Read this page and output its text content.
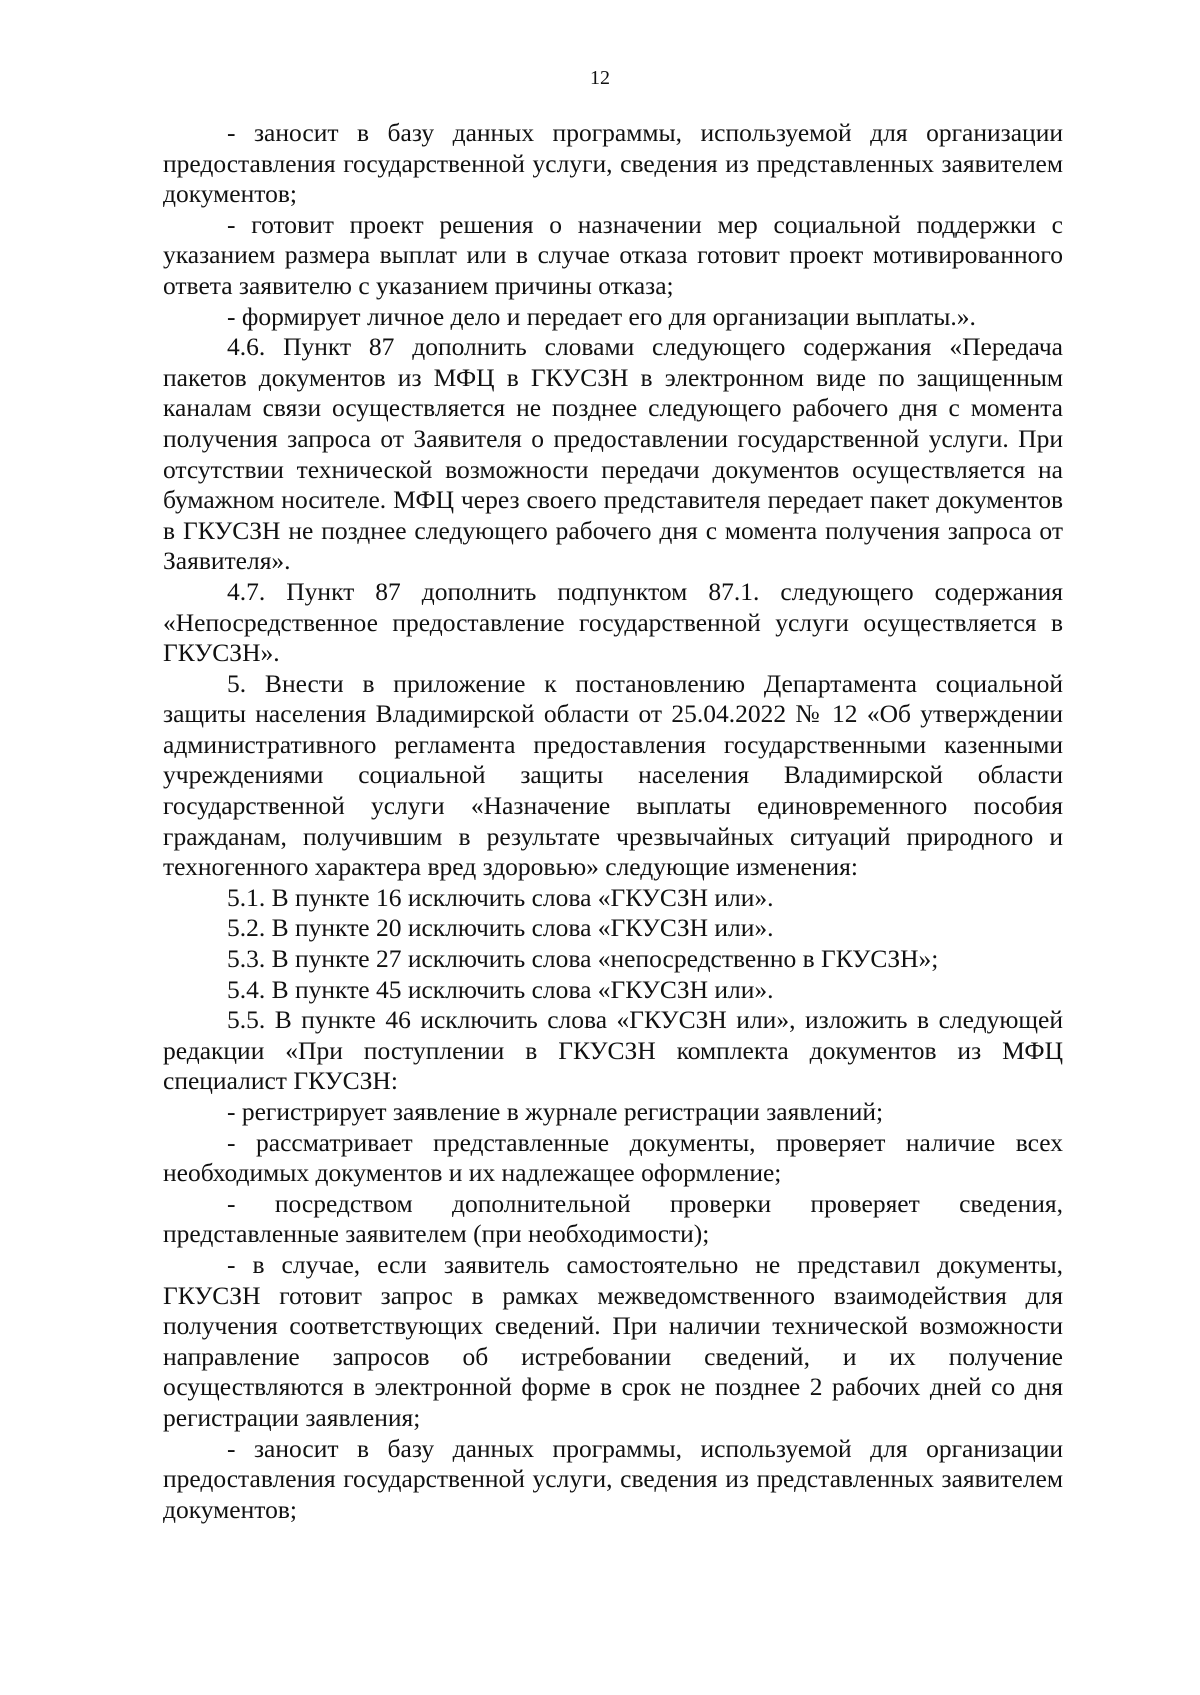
12

- заносит в базу данных программы, используемой для организации предоставления государственной услуги, сведения из представленных заявителем документов;

- готовит проект решения о назначении мер социальной поддержки с указанием размера выплат или в случае отказа готовит проект мотивированного ответа заявителю с указанием причины отказа;

- формирует личное дело и передает его для организации выплаты.».

4.6. Пункт 87 дополнить словами следующего содержания «Передача пакетов документов из МФЦ в ГКУСЗН в электронном виде по защищенным каналам связи осуществляется не позднее следующего рабочего дня с момента получения запроса от Заявителя о предоставлении государственной услуги. При отсутствии технической возможности передачи документов осуществляется на бумажном носителе. МФЦ через своего представителя передает пакет документов в ГКУСЗН не позднее следующего рабочего дня с момента получения запроса от Заявителя».

4.7. Пункт 87 дополнить подпунктом 87.1. следующего содержания «Непосредственное предоставление государственной услуги осуществляется в ГКУСЗН».

5. Внести в приложение к постановлению Департамента социальной защиты населения Владимирской области от 25.04.2022 № 12 «Об утверждении административного регламента предоставления государственными казенными учреждениями социальной защиты населения Владимирской области государственной услуги «Назначение выплаты единовременного пособия гражданам, получившим в результате чрезвычайных ситуаций природного и техногенного характера вред здоровью» следующие изменения:

5.1. В пункте 16 исключить слова «ГКУСЗН или».

5.2. В пункте 20 исключить слова «ГКУСЗН или».

5.3. В пункте 27 исключить слова «непосредственно в ГКУСЗН»;

5.4. В пункте 45 исключить слова «ГКУСЗН или».

5.5. В пункте 46 исключить слова «ГКУСЗН или», изложить в следующей редакции «При поступлении в ГКУСЗН комплекта документов из МФЦ специалист ГКУСЗН:

- регистрирует заявление в журнале регистрации заявлений;

- рассматривает представленные документы, проверяет наличие всех необходимых документов и их надлежащее оформление;

- посредством дополнительной проверки проверяет сведения, представленные заявителем (при необходимости);

- в случае, если заявитель самостоятельно не представил документы, ГКУСЗН готовит запрос в рамках межведомственного взаимодействия для получения соответствующих сведений. При наличии технической возможности направление запросов об истребовании сведений, и их получение осуществляются в электронной форме в срок не позднее 2 рабочих дней со дня регистрации заявления;

- заносит в базу данных программы, используемой для организации предоставления государственной услуги, сведения из представленных заявителем документов;
